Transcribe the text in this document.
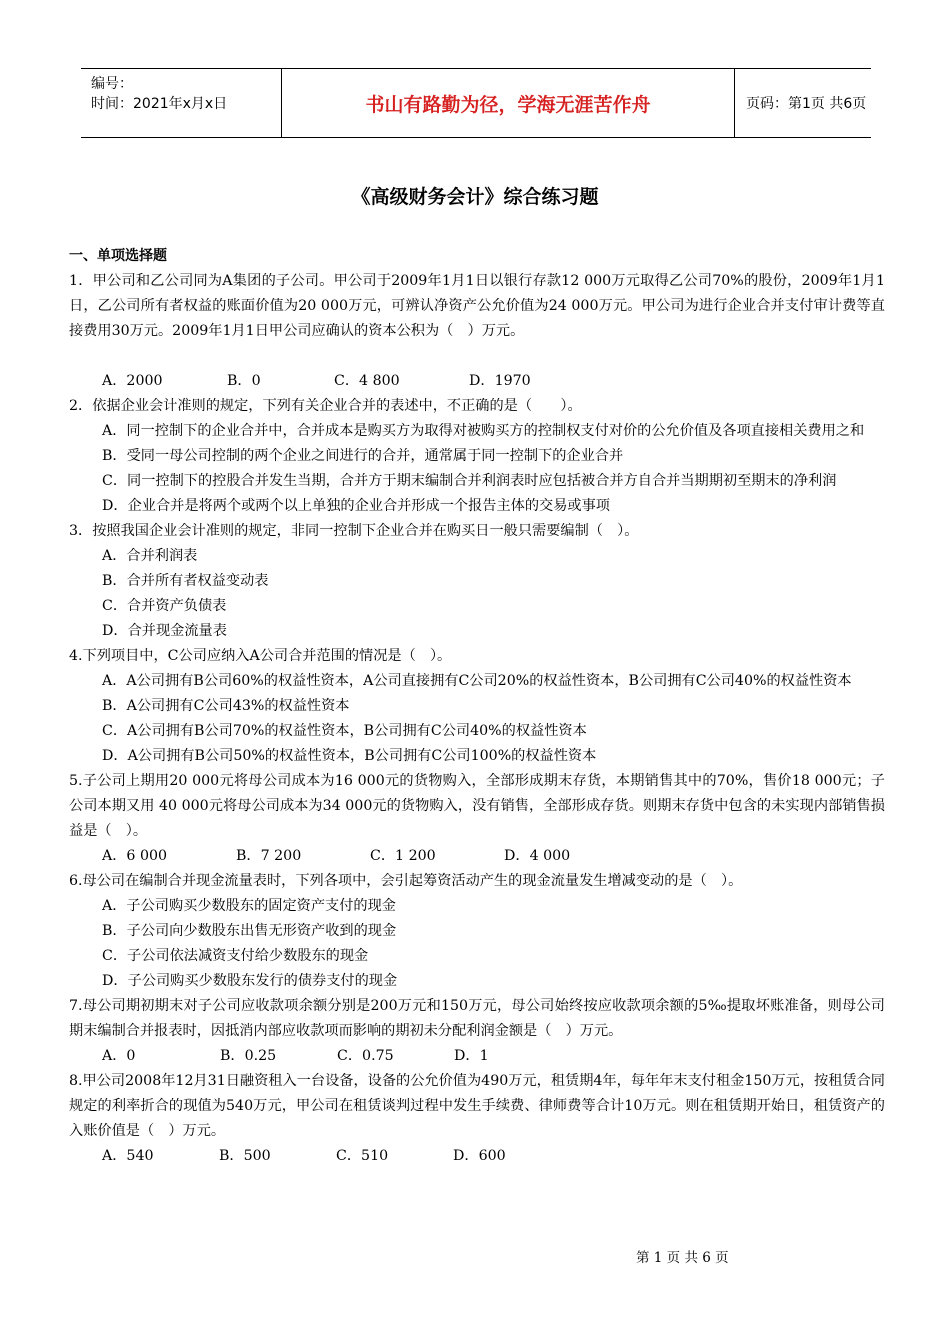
编号：
时间：2021年x月x日	书山有路勤为径，学海无涯苦作舟	页码：第1页 共6页
《高级财务会计》综合练习题
一、单项选择题
1．甲公司和乙公司同为A集团的子公司。甲公司于2009年1月1日以银行存款12 000万元取得乙公司70%的股份，2009年1月1日，乙公司所有者权益的账面价值为20 000万元，可辨认净资产公允价值为24 000万元。甲公司为进行企业合并支付审计费等直接费用30万元。2009年1月1日甲公司应确认的资本公积为（　）万元。
A．2000	B．0	C．4 800	D．1970
2．依据企业会计准则的规定，下列有关企业合并的表述中，不正确的是（　　）。
A．同一控制下的企业合并中，合并成本是购买方为取得对被购买方的控制权支付对价的公允价值及各项直接相关费用之和
B．受同一母公司控制的两个企业之间进行的合并，通常属于同一控制下的企业合并
C．同一控制下的控股合并发生当期，合并方于期末编制合并利润表时应包括被合并方自合并当期期初至期末的净利润
D．企业合并是将两个或两个以上单独的企业合并形成一个报告主体的交易或事项
3．按照我国企业会计准则的规定，非同一控制下企业合并在购买日一般只需要编制（　）。
A．合并利润表
B．合并所有者权益变动表
C．合并资产负债表
D．合并现金流量表
4.下列项目中，C公司应纳入A公司合并范围的情况是（　）。
A．A公司拥有B公司60%的权益性资本，A公司直接拥有C公司20%的权益性资本，B公司拥有C公司40%的权益性资本
B．A公司拥有C公司43%的权益性资本
C．A公司拥有B公司70%的权益性资本，B公司拥有C公司40%的权益性资本
D．A公司拥有B公司50%的权益性资本，B公司拥有C公司100%的权益性资本
5.子公司上期用20 000元将母公司成本为16 000元的货物购入，全部形成期末存货，本期销售其中的70%，售价18 000元；子公司本期又用 40 000元将母公司成本为34 000元的货物购入，没有销售，全部形成存货。则期末存货中包含的未实现内部销售损益是（　）。
A．6 000	B．7 200	C．1 200	D．4 000
6.母公司在编制合并现金流量表时，下列各项中，会引起筹资活动产生的现金流量发生增减变动的是（　）。
A．子公司购买少数股东的固定资产支付的现金
B．子公司向少数股东出售无形资产收到的现金
C．子公司依法减资支付给少数股东的现金
D．子公司购买少数股东发行的债券支付的现金
7.母公司期初期末对子公司应收款项余额分别是200万元和150万元，母公司始终按应收款项余额的5‰提取坏账准备，则母公司期末编制合并报表时，因抵消内部应收款项而影响的期初未分配利润金额是（　）万元。
A．0	B．0.25	C．0.75	D．1
8.甲公司2008年12月31日融资租入一台设备，设备的公允价值为490万元，租赁期4年，每年年末支付租金150万元，按租赁合同规定的利率折合的现值为540万元，甲公司在租赁谈判过程中发生手续费、律师费等合计10万元。则在租赁期开始日，租赁资产的入账价值是（　）万元。
A．540	B．500	C．510	D．600
第 1 页 共 6 页
